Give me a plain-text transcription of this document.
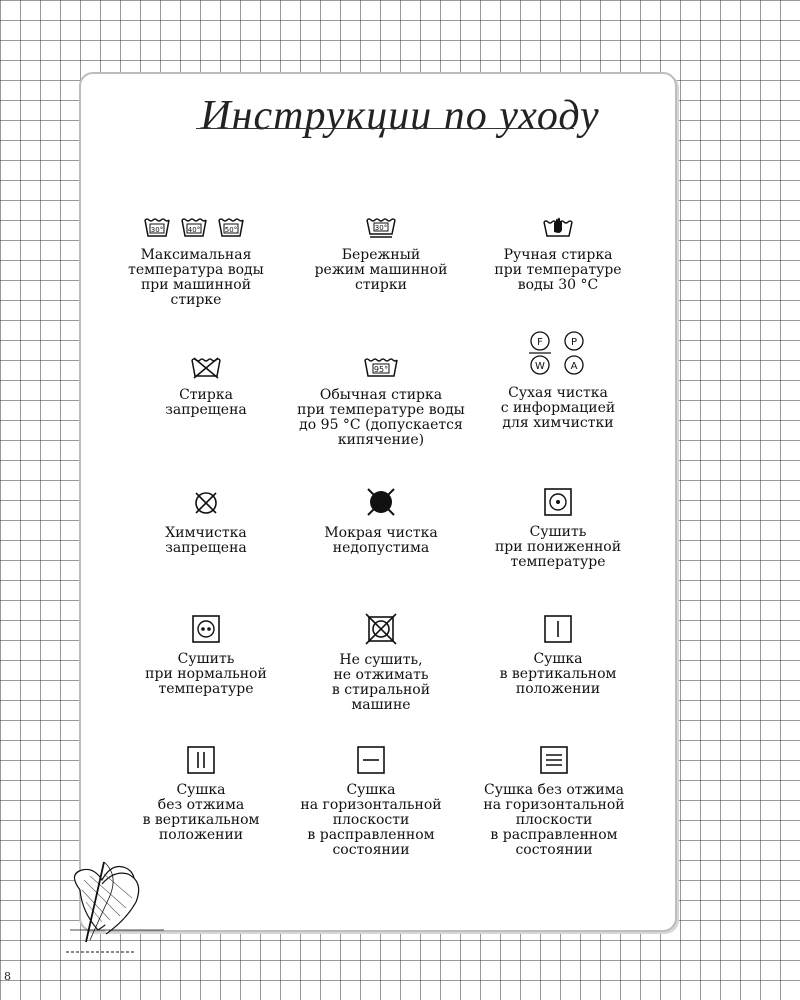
Инструкции по уходу
30°	40°	50°
Максимальная
температура воды
при машинной
стирке
30°
Бережный
режим машинной
стирки
Ручная стирка
при температуре
воды 30 °С
Стирка
запрещена
95°
Обычная стирка
при температуре воды
до 95 °С (допускается
кипячение)
F	P
W	A
Сухая чистка
с информацией
для химчистки
Химчистка
запрещена
Мокрая чистка
недопустима
Сушить
при пониженной
температуре
Сушить
при нормальной
температуре
Не сушить,
не отжимать
в стиральной
машине
Сушка
в вертикальном
положении
Сушка
без отжима
в вертикальном
положении
Сушка
на горизонтальной
плоскости
в расправленном
состоянии
Сушка без отжима
на горизонтальной
плоскости
в расправленном
состоянии
8
